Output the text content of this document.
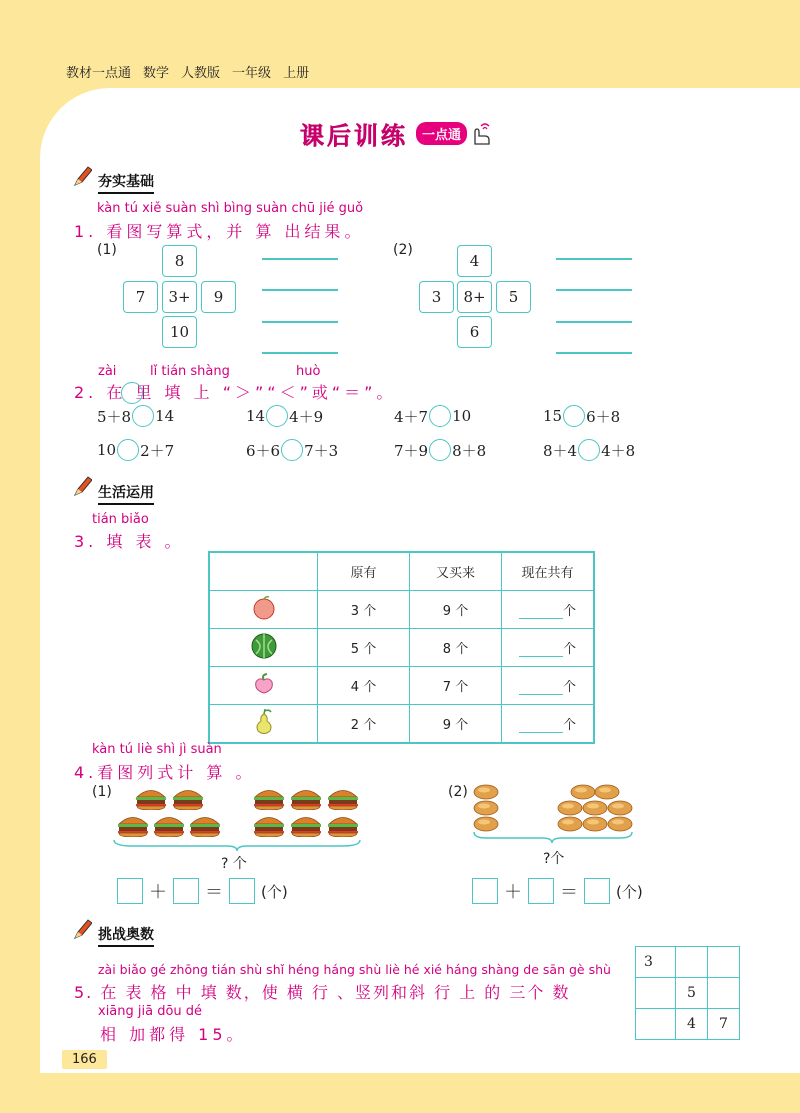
教材一点通 数学 人教版 一年级 上册
课后训练	一点通
夯实基础
kàn tú xiě suàn shì bìng suàn chū jié guǒ
1. 看图写算式，并 算 出结果。
(1)
8
7	3+	9
10
(2)
4
3	8+	5
6
zài	lǐ tián shàng	huò
2. 在 里 填 上 “＞”“＜”或“＝”。
5＋8 14	14 4＋9	4＋7 10	15 6＋8
10 2＋7	6＋6 7＋3	7＋9 8＋8	8＋4 4＋8
生活运用
tián biǎo
3. 填 表 。
	原有	又买来	现在共有
	3 个	9 个	个
	5 个	8 个	个
	4 个	7 个	个
	2 个	9 个	个
kàn tú liè shì jì suàn
4.看图列式计 算 。
(1)
? 个
＋ ＝	(个)
(2)
?个
＋ ＝	(个)
挑战奥数
zài biǎo gé zhōng tián shù shǐ héng háng shù liè hé xié háng shàng de sān gè shù
5. 在 表 格 中 填 数，使 横 行 、竖列和斜 行 上 的 三个 数
xiāng jiā dōu dé
相 加都得 15。
3		
	5	
	4	7
166
